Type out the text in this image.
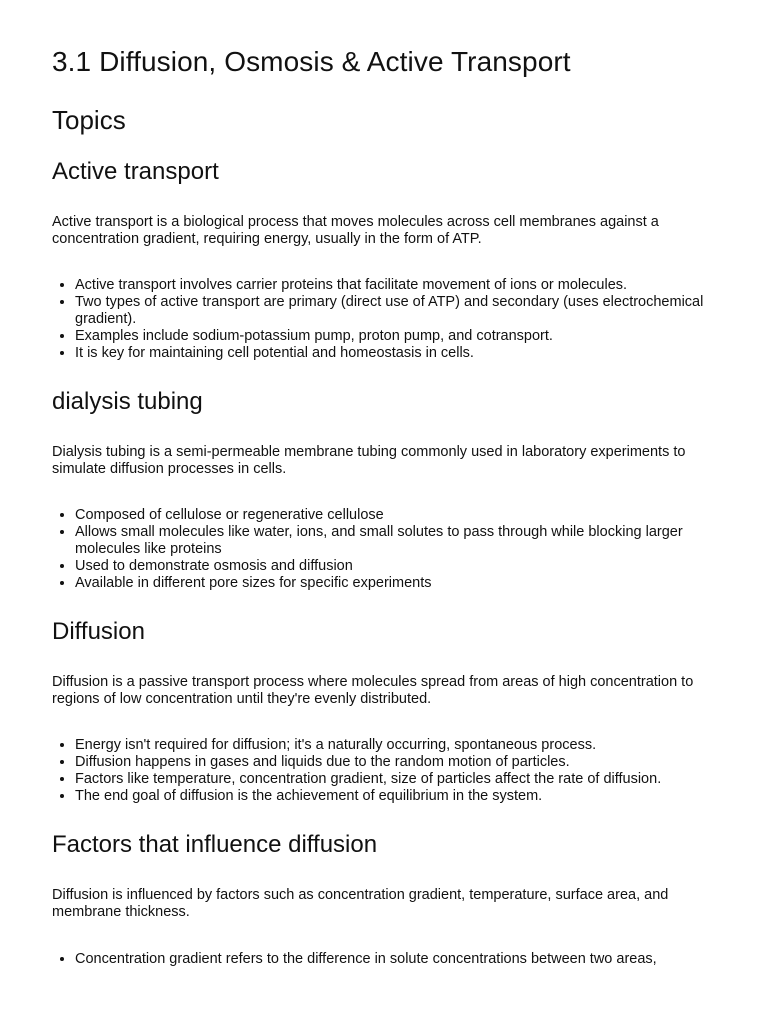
3.1 Diffusion, Osmosis & Active Transport
Topics
Active transport

Active transport is a biological process that moves molecules across cell membranes against a concentration gradient, requiring energy, usually in the form of ATP.

• Active transport involves carrier proteins that facilitate movement of ions or molecules.
• Two types of active transport are primary (direct use of ATP) and secondary (uses electrochemical gradient).
• Examples include sodium-potassium pump, proton pump, and cotransport.
• It is key for maintaining cell potential and homeostasis in cells.
dialysis tubing

Dialysis tubing is a semi-permeable membrane tubing commonly used in laboratory experiments to simulate diffusion processes in cells.

• Composed of cellulose or regenerative cellulose
• Allows small molecules like water, ions, and small solutes to pass through while blocking larger molecules like proteins
• Used to demonstrate osmosis and diffusion
• Available in different pore sizes for specific experiments
Diffusion

Diffusion is a passive transport process where molecules spread from areas of high concentration to regions of low concentration until they're evenly distributed.

• Energy isn't required for diffusion; it's a naturally occurring, spontaneous process.
• Diffusion happens in gases and liquids due to the random motion of particles.
• Factors like temperature, concentration gradient, size of particles affect the rate of diffusion.
• The end goal of diffusion is the achievement of equilibrium in the system.
Factors that influence diffusion

Diffusion is influenced by factors such as concentration gradient, temperature, surface area, and membrane thickness.

• Concentration gradient refers to the difference in solute concentrations between two areas,
